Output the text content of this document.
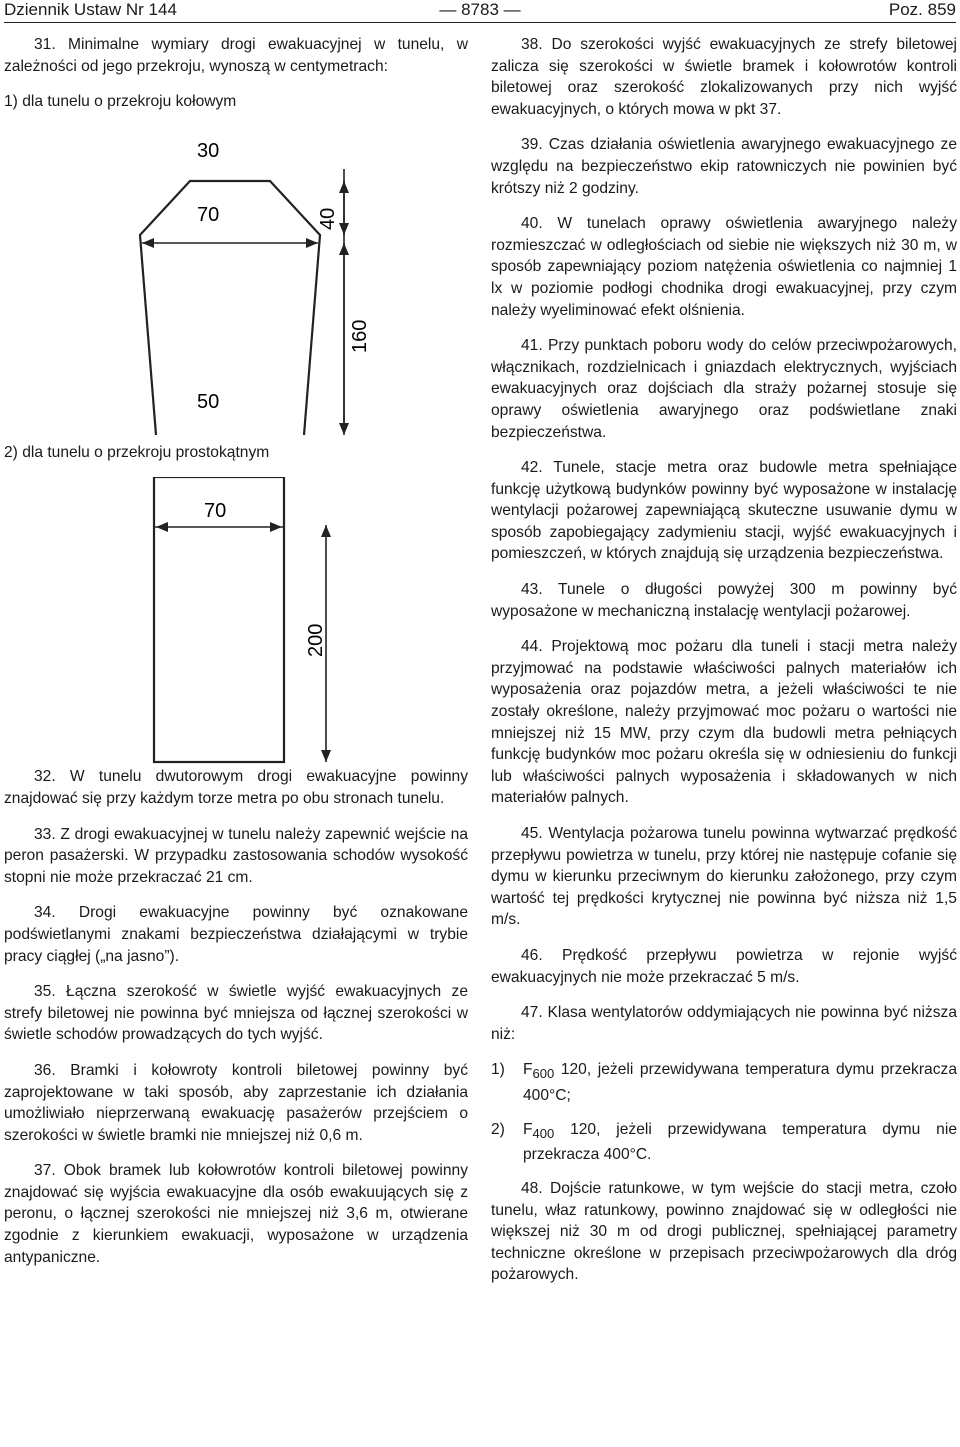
Dziennik Ustaw Nr 144	— 8783 —	Poz. 859

31. Minimalne wymiary drogi ewakuacyjnej w tunelu, w zależności od jego przekroju, wynoszą w centymetrach:

1) dla tunelu o przekroju kołowym
30
70
50
40
160
2) dla tunelu o przekroju prostokątnym
70
200

32. W tunelu dwutorowym drogi ewakuacyjne powinny znajdować się przy każdym torze metra po obu stronach tunelu.

33. Z drogi ewakuacyjnej w tunelu należy zapewnić wejście na peron pasażerski. W przypadku zastosowania schodów wysokość stopni nie może przekraczać 21 cm.

34. Drogi ewakuacyjne powinny być oznakowane podświetlanymi znakami bezpieczeństwa działającymi w trybie pracy ciągłej („na jasno”).

35. Łączna szerokość w świetle wyjść ewakuacyjnych ze strefy biletowej nie powinna być mniejsza od łącznej szerokości w świetle schodów prowadzących do tych wyjść.

36. Bramki i kołowroty kontroli biletowej powinny być zaprojektowane w taki sposób, aby zaprzestanie ich działania umożliwiało nieprzerwaną ewakuację pasażerów przejściem o szerokości w świetle bramki nie mniejszej niż 0,6 m.

37. Obok bramek lub kołowrotów kontroli biletowej powinny znajdować się wyjścia ewakuacyjne dla osób ewakuujących się z peronu, o łącznej szerokości nie mniejszej niż 3,6 m, otwierane zgodnie z kierunkiem ewakuacji, wyposażone w urządzenia antypaniczne.

38. Do szerokości wyjść ewakuacyjnych ze strefy biletowej zalicza się szerokości w świetle bramek i kołowrotów kontroli biletowej oraz szerokość zlokalizowanych przy nich wyjść ewakuacyjnych, o których mowa w pkt 37.

39. Czas działania oświetlenia awaryjnego ewakuacyjnego ze względu na bezpieczeństwo ekip ratowniczych nie powinien być krótszy niż 2 godziny.

40. W tunelach oprawy oświetlenia awaryjnego należy rozmieszczać w odległościach od siebie nie większych niż 30 m, w sposób zapewniający poziom natężenia oświetlenia co najmniej 1 lx w poziomie podłogi chodnika drogi ewakuacyjnej, przy czym należy wyeliminować efekt olśnienia.

41. Przy punktach poboru wody do celów przeciwpożarowych, włącznikach, rozdzielnicach i gniazdach elektrycznych, wyjściach ewakuacyjnych oraz dojściach dla straży pożarnej stosuje się oprawy oświetlenia awaryjnego oraz podświetlane znaki bezpieczeństwa.

42. Tunele, stacje metra oraz budowle metra spełniające funkcję użytkową budynków powinny być wyposażone w instalację wentylacji pożarowej zapewniającą skuteczne usuwanie dymu w sposób zapobiegający zadymieniu stacji, wyjść ewakuacyjnych i pomieszczeń, w których znajdują się urządzenia bezpieczeństwa.

43. Tunele o długości powyżej 300 m powinny być wyposażone w mechaniczną instalację wentylacji pożarowej.

44. Projektową moc pożaru dla tuneli i stacji metra należy przyjmować na podstawie właściwości palnych materiałów ich wyposażenia oraz pojazdów metra, a jeżeli właściwości te nie zostały określone, należy przyjmować moc pożaru o wartości nie mniejszej niż 15 MW, przy czym dla budowli metra pełniących funkcję budynków moc pożaru określa się w odniesieniu do funkcji lub właściwości palnych wyposażenia i składowanych w nich materiałów palnych.

45. Wentylacja pożarowa tunelu powinna wytwarzać prędkość przepływu powietrza w tunelu, przy której nie następuje cofanie się dymu w kierunku przeciwnym do kierunku założonego, przy czym wartość tej prędkości krytycznej nie powinna być niższa niż 1,5 m/s.

46. Prędkość przepływu powietrza w rejonie wyjść ewakuacyjnych nie może przekraczać 5 m/s.

47. Klasa wentylatorów oddymiających nie powinna być niższa niż:

1)	$F_{600}$ 120, jeżeli przewidywana temperatura dymu przekracza 400°C;
2)	$F_{400}$ 120, jeżeli przewidywana temperatura dymu nie przekracza 400°C.

48. Dojście ratunkowe, w tym wejście do stacji metra, czoło tunelu, właz ratunkowy, powinno znajdować się w odległości nie większej niż 30 m od drogi publicznej, spełniającej parametry techniczne określone w przepisach przeciwpożarowych dla dróg pożarowych.
